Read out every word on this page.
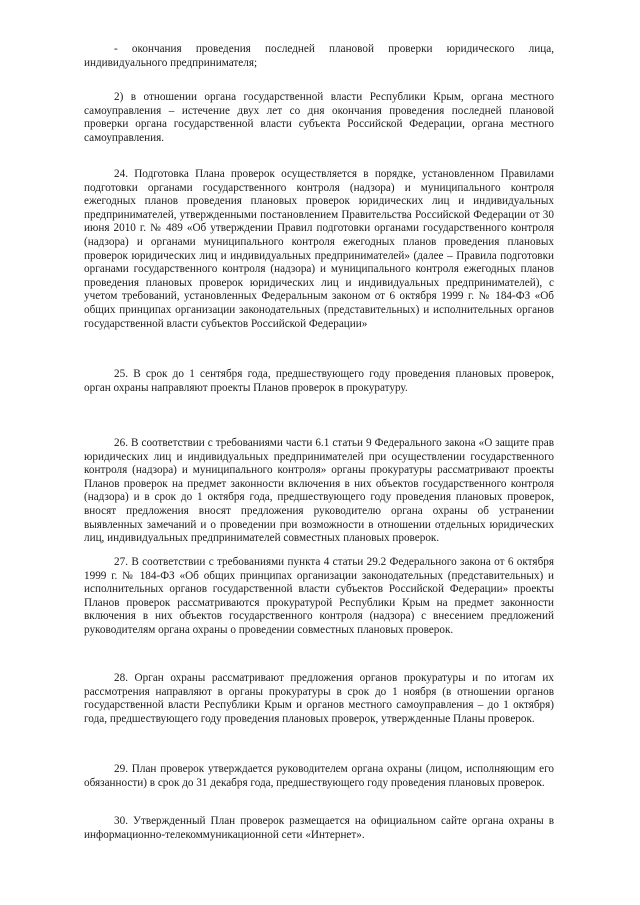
- окончания проведения последней плановой проверки юридического лица, индивидуального предпринимателя;

2) в отношении органа государственной власти Республики Крым, органа местного самоуправления – истечение двух лет со дня окончания проведения последней плановой проверки органа государственной власти субъекта Российской Федерации, органа местного самоуправления.

24. Подготовка Плана проверок осуществляется в порядке, установленном Правилами подготовки органами государственного контроля (надзора) и муниципального контроля ежегодных планов проведения плановых проверок юридических лиц и индивидуальных предпринимателей, утвержденными постановлением Правительства Российской Федерации от 30 июня 2010 г. № 489 «Об утверждении Правил подготовки органами государственного контроля (надзора) и органами муниципального контроля ежегодных планов проведения плановых проверок юридических лиц и индивидуальных предпринимателей» (далее – Правила подготовки органами государственного контроля (надзора) и муниципального контроля ежегодных планов проведения плановых проверок юридических лиц и индивидуальных предпринимателей), с учетом требований, установленных Федеральным законом от 6 октября 1999 г. № 184-ФЗ «Об общих принципах организации законодательных (представительных) и исполнительных органов государственной власти субъектов Российской Федерации»

25. В срок до 1 сентября года, предшествующего году проведения плановых проверок, орган охраны направляют проекты Планов проверок в прокуратуру.

26. В соответствии с требованиями части 6.1 статьи 9 Федерального закона «О защите прав юридических лиц и индивидуальных предпринимателей при осуществлении государственного контроля (надзора) и муниципального контроля» органы прокуратуры рассматривают проекты Планов проверок на предмет законности включения в них объектов государственного контроля (надзора) и в срок до 1 октября года, предшествующего году проведения плановых проверок, вносят предложения вносят предложения руководителю органа охраны об устранении выявленных замечаний и о проведении при возможности в отношении отдельных юридических лиц, индивидуальных предпринимателей совместных плановых проверок.

27. В соответствии с требованиями пункта 4 статьи 29.2 Федерального закона от 6 октября 1999 г. № 184-ФЗ «Об общих принципах организации законодательных (представительных) и исполнительных органов государственной власти субъектов Российской Федерации» проекты Планов проверок рассматриваются прокуратурой Республики Крым на предмет законности включения в них объектов государственного контроля (надзора) с внесением предложений руководителям органа охраны о проведении совместных плановых проверок.

28. Орган охраны рассматривают предложения органов прокуратуры и по итогам их рассмотрения направляют в органы прокуратуры в срок до 1 ноября (в отношении органов государственной власти Республики Крым и органов местного самоуправления – до 1 октября) года, предшествующего году проведения плановых проверок, утвержденные Планы проверок.

29. План проверок утверждается руководителем органа охраны (лицом, исполняющим его обязанности) в срок до 31 декабря года, предшествующего году проведения плановых проверок.

30. Утвержденный План проверок размещается на официальном сайте органа охраны в информационно-телекоммуникационной сети «Интернет».
